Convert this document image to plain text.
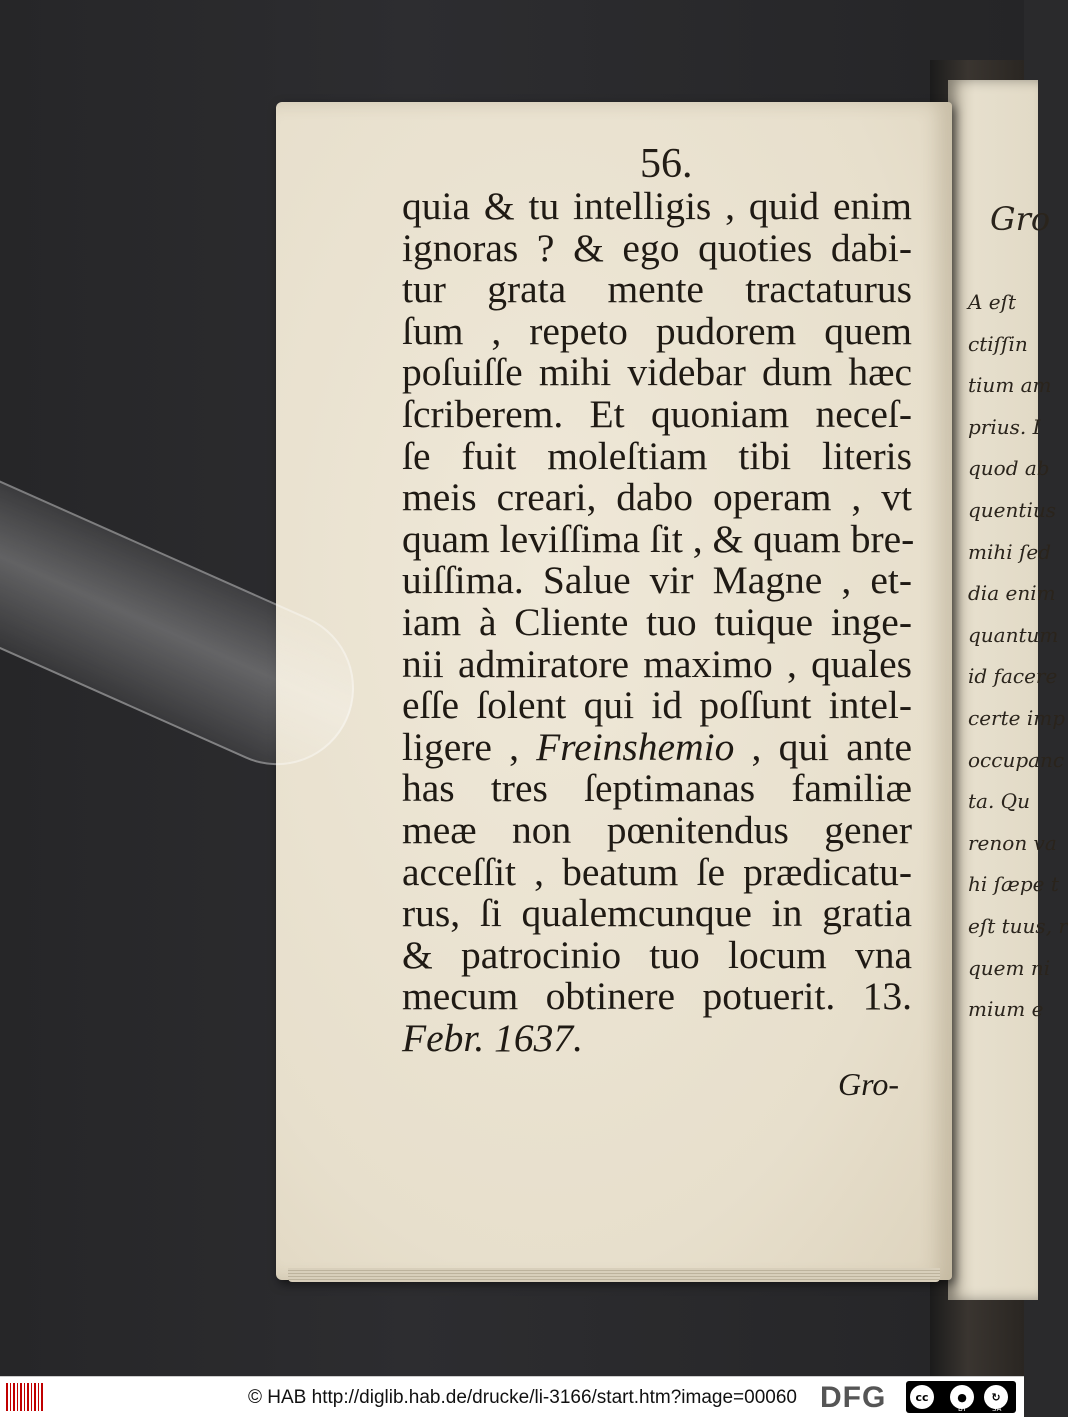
Gro
A eſt
ctiſſin
tium am
prius. I
quod ab
quentius
mihi ſed
dia enim
quantum
id facere
certe imp
occupanc
ta. Qu
renon va
hi ſæpe t
eſt tuus, r
quem ni
mium e
56.
quia & tu intelligis , quid enim
ignoras ? & ego quoties dabi-
tur grata mente tractaturus
ſum , repeto pudorem quem
poſuiſſe mihi videbar dum hæc
ſcriberem. Et quoniam neceſ-
ſe fuit moleſtiam tibi literis
meis creari, dabo operam , vt
quam leviſſima ſit , & quam bre-
uiſſima. Salue vir Magne , et-
iam à Cliente tuo tuique inge-
nii admiratore maximo , quales
eſſe ſolent qui id poſſunt intel-
ligere , Freinshemio , qui ante
has tres ſeptimanas familiæ
meæ non pœnitendus gener
acceſſit , beatum ſe prædicatu-
rus, ſi qualemcunque in gratia
& patrocinio tuo locum vna
mecum obtinere potuerit. 13.
Febr. 1637.
Gro-
© HAB http://diglib.hab.de/drucke/li-3166/start.htm?image=00060 DFG	cc	●
BY
↻
SA
